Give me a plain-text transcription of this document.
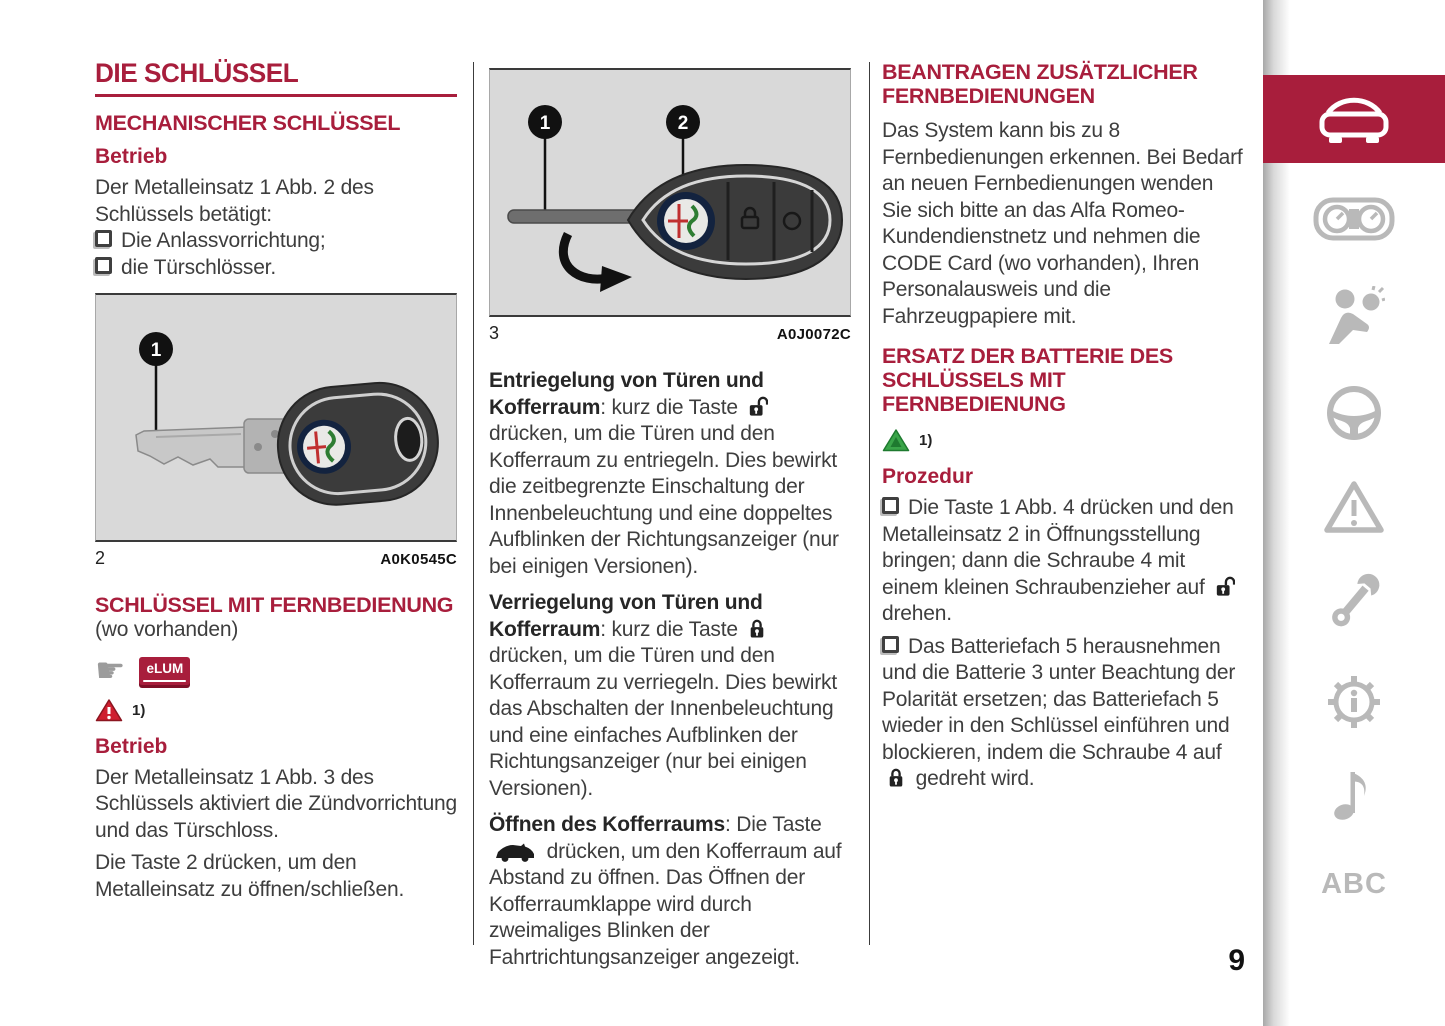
DIE SCHLÜSSEL
MECHANISCHER SCHLÜSSEL
Betrieb
Der Metalleinsatz 1 Abb. 2 des Schlüssels betätigt:
Die Anlassvorrichtung;
die Türschlösser.
1
2	A0K0545C
SCHLÜSSEL MIT FERNBEDIENUNG
(wo vorhanden)
☛	eLUM
1)
Betrieb
Der Metalleinsatz 1 Abb. 3 des Schlüssels aktiviert die Zündvorrichtung und das Türschloss.
Die Taste 2 drücken, um den Metalleinsatz zu öffnen/schließen.
1	2
3	A0J0072C
Entriegelung von Türen und Kofferraum: kurz die Taste  drücken, um die Türen und den Kofferraum zu entriegeln. Dies bewirkt die zeitbegrenzte Einschaltung der Innenbeleuchtung und eine doppeltes Aufblinken der Richtungsanzeiger (nur bei einigen Versionen).
Verriegelung von Türen und Kofferraum: kurz die Taste  drücken, um die Türen und den Kofferraum zu verriegeln. Dies bewirkt das Abschalten der Innenbeleuchtung und eine einfaches Aufblinken der Richtungsanzeiger (nur bei einigen Versionen).
Öffnen des Kofferraums: Die Taste  drücken, um den Kofferraum auf Abstand zu öffnen. Das Öffnen der Kofferraumklappe wird durch zweimaliges Blinken der Fahrtrichtungsanzeiger angezeigt.
BEANTRAGEN ZUSÄTZLICHER FERNBEDIENUNGEN
Das System kann bis zu 8 Fernbedienungen erkennen. Bei Bedarf an neuen Fernbedienungen wenden Sie sich bitte an das Alfa Romeo-Kundendienstnetz und nehmen die CODE Card (wo vorhanden), Ihren Personalausweis und die Fahrzeugpapiere mit.
ERSATZ DER BATTERIE DES SCHLÜSSELS MIT FERNBEDIENUNG
1)
Prozedur
Die Taste 1 Abb. 4 drücken und den Metalleinsatz 2 in Öffnungsstellung bringen; dann die Schraube 4 mit einem kleinen Schraubenzieher auf  drehen.
Das Batteriefach 5 herausnehmen und die Batterie 3 unter Beachtung der Polarität ersetzen; das Batteriefach 5 wieder in den Schlüssel einführen und blockieren, indem die Schraube 4 auf  gedreht wird.
ABC
9
